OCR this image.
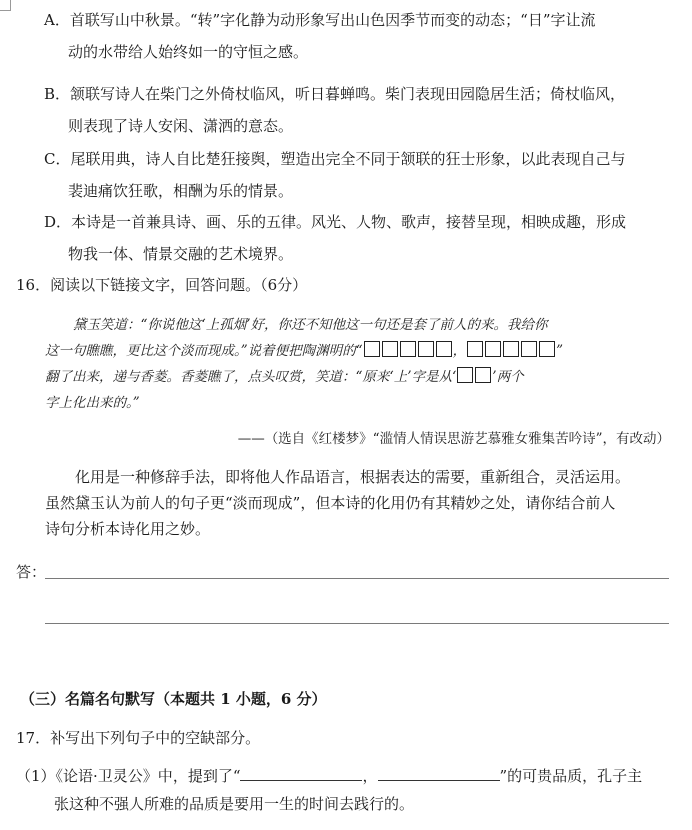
A．首联写山中秋景。“转”字化静为动形象写出山色因季节而变的动态；“日”字让流
动的水带给人始终如一的守恒之感。
B．颔联写诗人在柴门之外倚杖临风，听日暮蝉鸣。柴门表现田园隐居生活；倚杖临风，
则表现了诗人安闲、潇洒的意态。
C．尾联用典，诗人自比楚狂接舆，塑造出完全不同于颔联的狂士形象，以此表现自己与
裴迪痛饮狂歌，相酬为乐的情景。
D．本诗是一首兼具诗、画、乐的五律。风光、人物、歌声，接替呈现，相映成趣，形成
物我一体、情景交融的艺术境界。
16．阅读以下链接文字，回答问题。（6分）
黛玉笑道：“你说他这‘上孤烟’好，你还不知他这一句还是套了前人的来。我给你
这一句瞧瞧，更比这个淡而现成。”说着便把陶渊明的“	，	”
翻了出来，递与香菱。香菱瞧了，点头叹赏，笑道：“原来‘上’字是从‘	’两个
字上化出来的。”
——（选自《红楼梦》“滥情人情误思游艺慕雅女雅集苦吟诗”，有改动）
化用是一种修辞手法，即将他人作品语言，根据表达的需要，重新组合，灵活运用。
虽然黛玉认为前人的句子更“淡而现成”，但本诗的化用仍有其精妙之处，请你结合前人
诗句分析本诗化用之妙。
答：
（三）名篇名句默写（本题共 1 小题，6 分）
17．补写出下列句子中的空缺部分。
（1）《论语·卫灵公》中，提到了“	，	”的可贵品质，孔子主
张这种不强人所难的品质是要用一生的时间去践行的。
